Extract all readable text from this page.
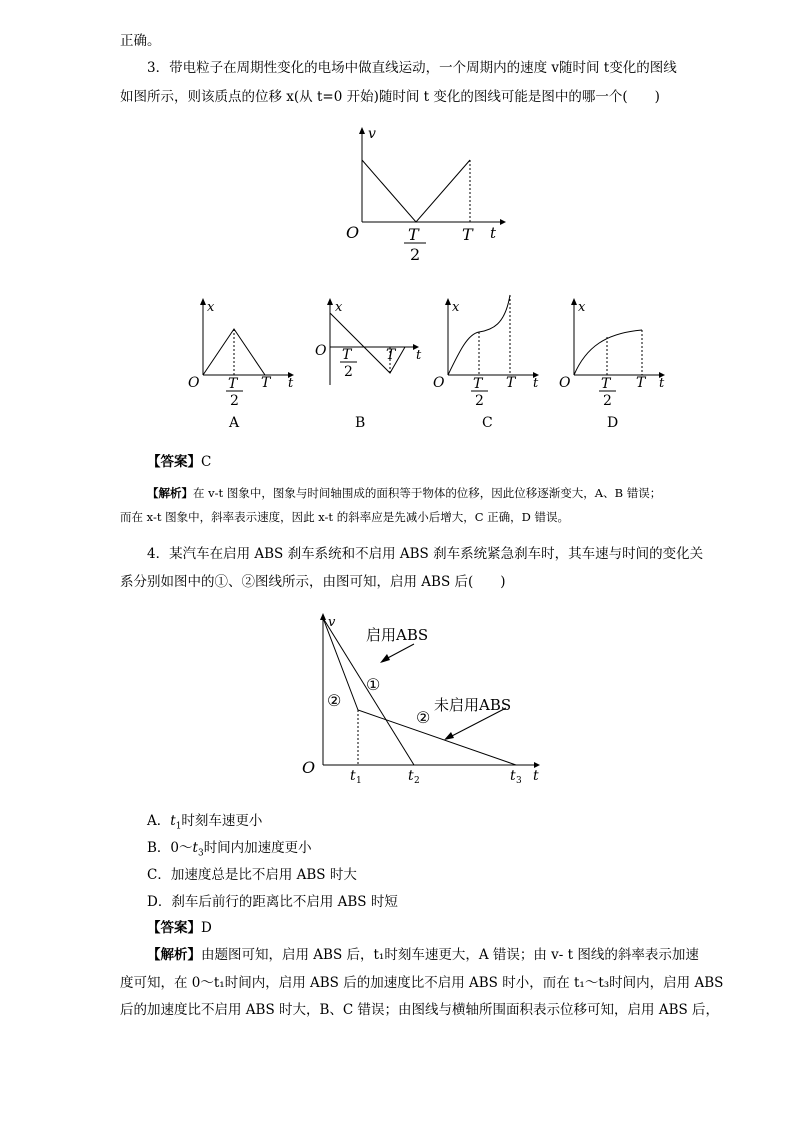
正确。
3．带电粒子在周期性变化的电场中做直线运动，一个周期内的速度 v随时间 t变化的图线
如图所示，则该质点的位移 x(从 t=0 开始)随时间 t 变化的图线可能是图中的哪一个(　　)
v
t
O	T
2
T
x
t
O T
2
T
A
x
t
O T
2
T
B
x
t
O T
2
T
C
x
t
O T
2
T
D
【答案】C
【解析】在 v-t 图象中，图象与时间轴围成的面积等于物体的位移，因此位移逐渐变大，A、B 错误；
而在 x-t 图象中，斜率表示速度，因此 x-t 的斜率应是先减小后增大，C 正确，D 错误。
4．某汽车在启用 ABS 刹车系统和不启用 ABS 刹车系统紧急刹车时，其车速与时间的变化关
系分别如图中的①、②图线所示，由图可知，启用 ABS 后(　　)
v
t
O
启用ABS
未启用ABS
①
②
②
t 1	t 2	t 3
A．$t_1$时刻车速更小
B．$0\sim t_3$时间内加速度更小
C．加速度总是比不启用 ABS 时大
D．刹车后前行的距离比不启用 ABS 时短
【答案】D
【解析】由题图可知，启用 ABS 后，t₁时刻车速更大，A 错误；由 v- t 图线的斜率表示加速
度可知，在 0～t₁时间内，启用 ABS 后的加速度比不启用 ABS 时小，而在 t₁～t₃时间内，启用 ABS
后的加速度比不启用 ABS 时大，B、C 错误；由图线与横轴所围面积表示位移可知，启用 ABS 后，
